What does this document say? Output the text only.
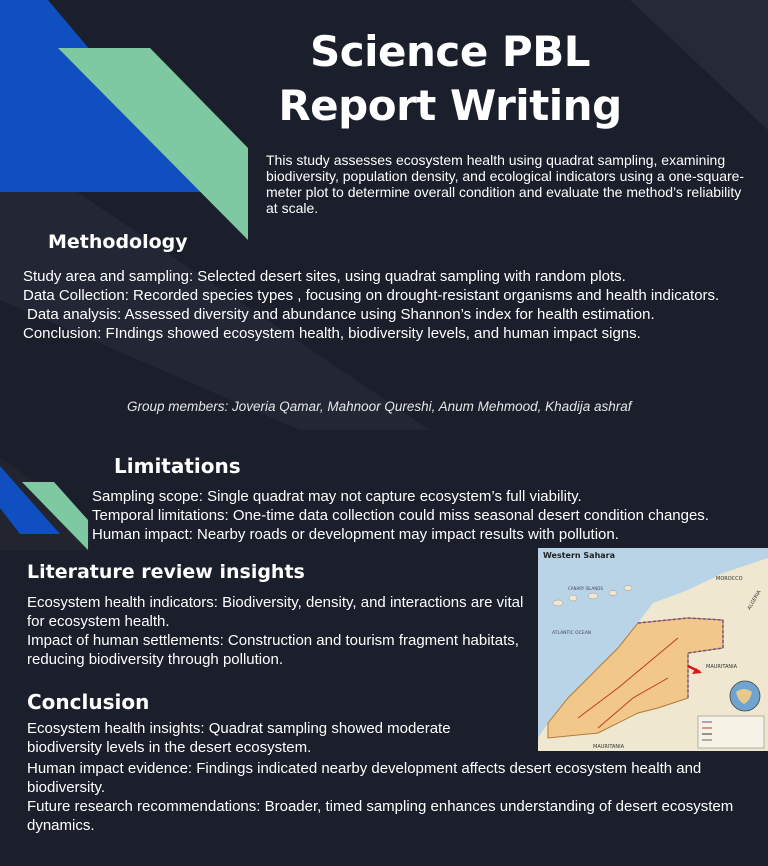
Science PBL
Report Writing

This study assesses ecosystem health using quadrat sampling, examining biodiversity, population density, and ecological indicators using a one-square-meter plot to determine overall condition and evaluate the method’s reliability at scale.

Methodology
Study area and sampling: Selected desert sites, using quadrat sampling with random plots.
Data Collection: Recorded species types , focusing on drought-resistant organisms and health indicators.
Data analysis: Assessed diversity and abundance using Shannon’s index for health estimation.
Conclusion: FIndings showed ecosystem health, biodiversity levels, and human impact signs.

Group members: Joveria Qamar, Mahnoor Qureshi, Anum Mehmood, Khadija ashraf

Limitations
Sampling scope: Single quadrat may not capture ecosystem’s full viability.
Temporal limitations: One-time data collection could miss seasonal desert condition changes.
Human impact: Nearby roads or development may impact results with pollution.
Literature review insights
Ecosystem health indicators: Biodiversity, density, and interactions are vital for ecosystem health.
Impact of human settlements: Construction and tourism fragment habitats, reducing biodiversity through pollution.
Conclusion
Ecosystem health insights: Quadrat sampling showed moderate biodiversity levels in the desert ecosystem.
Human impact evidence: Findings indicated nearby development affects desert ecosystem health and biodiversity.
Future research recommendations: Broader, timed sampling enhances understanding of desert ecosystem dynamics.
Western Sahara
CANARY ISLANDS
MOROCCO
ALGERIA
ATLANTIC OCEAN
MAURITANIA
MAURITANIA
